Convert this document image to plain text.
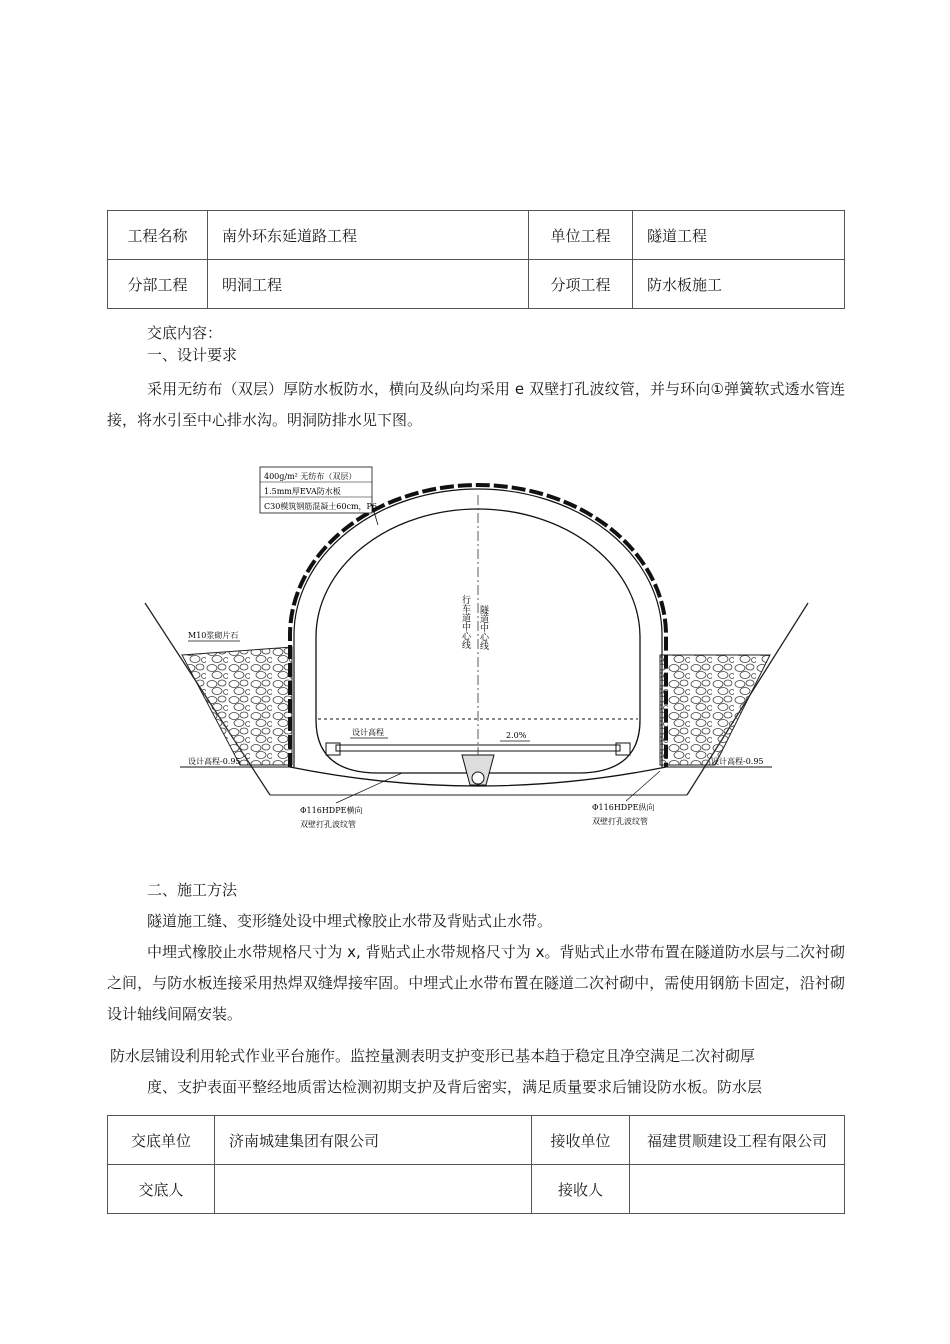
工程名称	南外环东延道路工程	单位工程	隧道工程
分部工程	明洞工程	分项工程	防水板施工
交底内容：
一、设计要求
采用无纺布（双层）厚防水板防水，横向及纵向均采用 e 双壁打孔波纹管，并与环向①弹簧软式透水管连接，将水引至中心排水沟。明洞防排水见下图。
400g/m² 无纺布（双层）
1.5mm厚EVA防水板
C30模筑钢筋混凝土60cm，P6
M10浆砌片石	行车道中心线 隧道中心线
设计高程	2.0%
设计高程-0.95	设计高程-0.95
Φ116HDPE横向
双壁打孔波纹管
Φ116HDPE纵向
双壁打孔波纹管
二、施工方法
隧道施工缝、变形缝处设中埋式橡胶止水带及背贴式止水带。
中埋式橡胶止水带规格尺寸为 x, 背贴式止水带规格尺寸为 x。背贴式止水带布置在隧道防水层与二次衬砌之间，与防水板连接采用热焊双缝焊接牢固。中埋式止水带布置在隧道二次衬砌中，需使用钢筋卡固定，沿衬砌设计轴线间隔安装。
防水层铺设利用轮式作业平台施作。监控量测表明支护变形已基本趋于稳定且净空满足二次衬砌厚
度、支护表面平整经地质雷达检测初期支护及背后密实，满足质量要求后铺设防水板。防水层
交底单位	济南城建集团有限公司	接收单位	福建贯顺建设工程有限公司
交底人		接收人	
